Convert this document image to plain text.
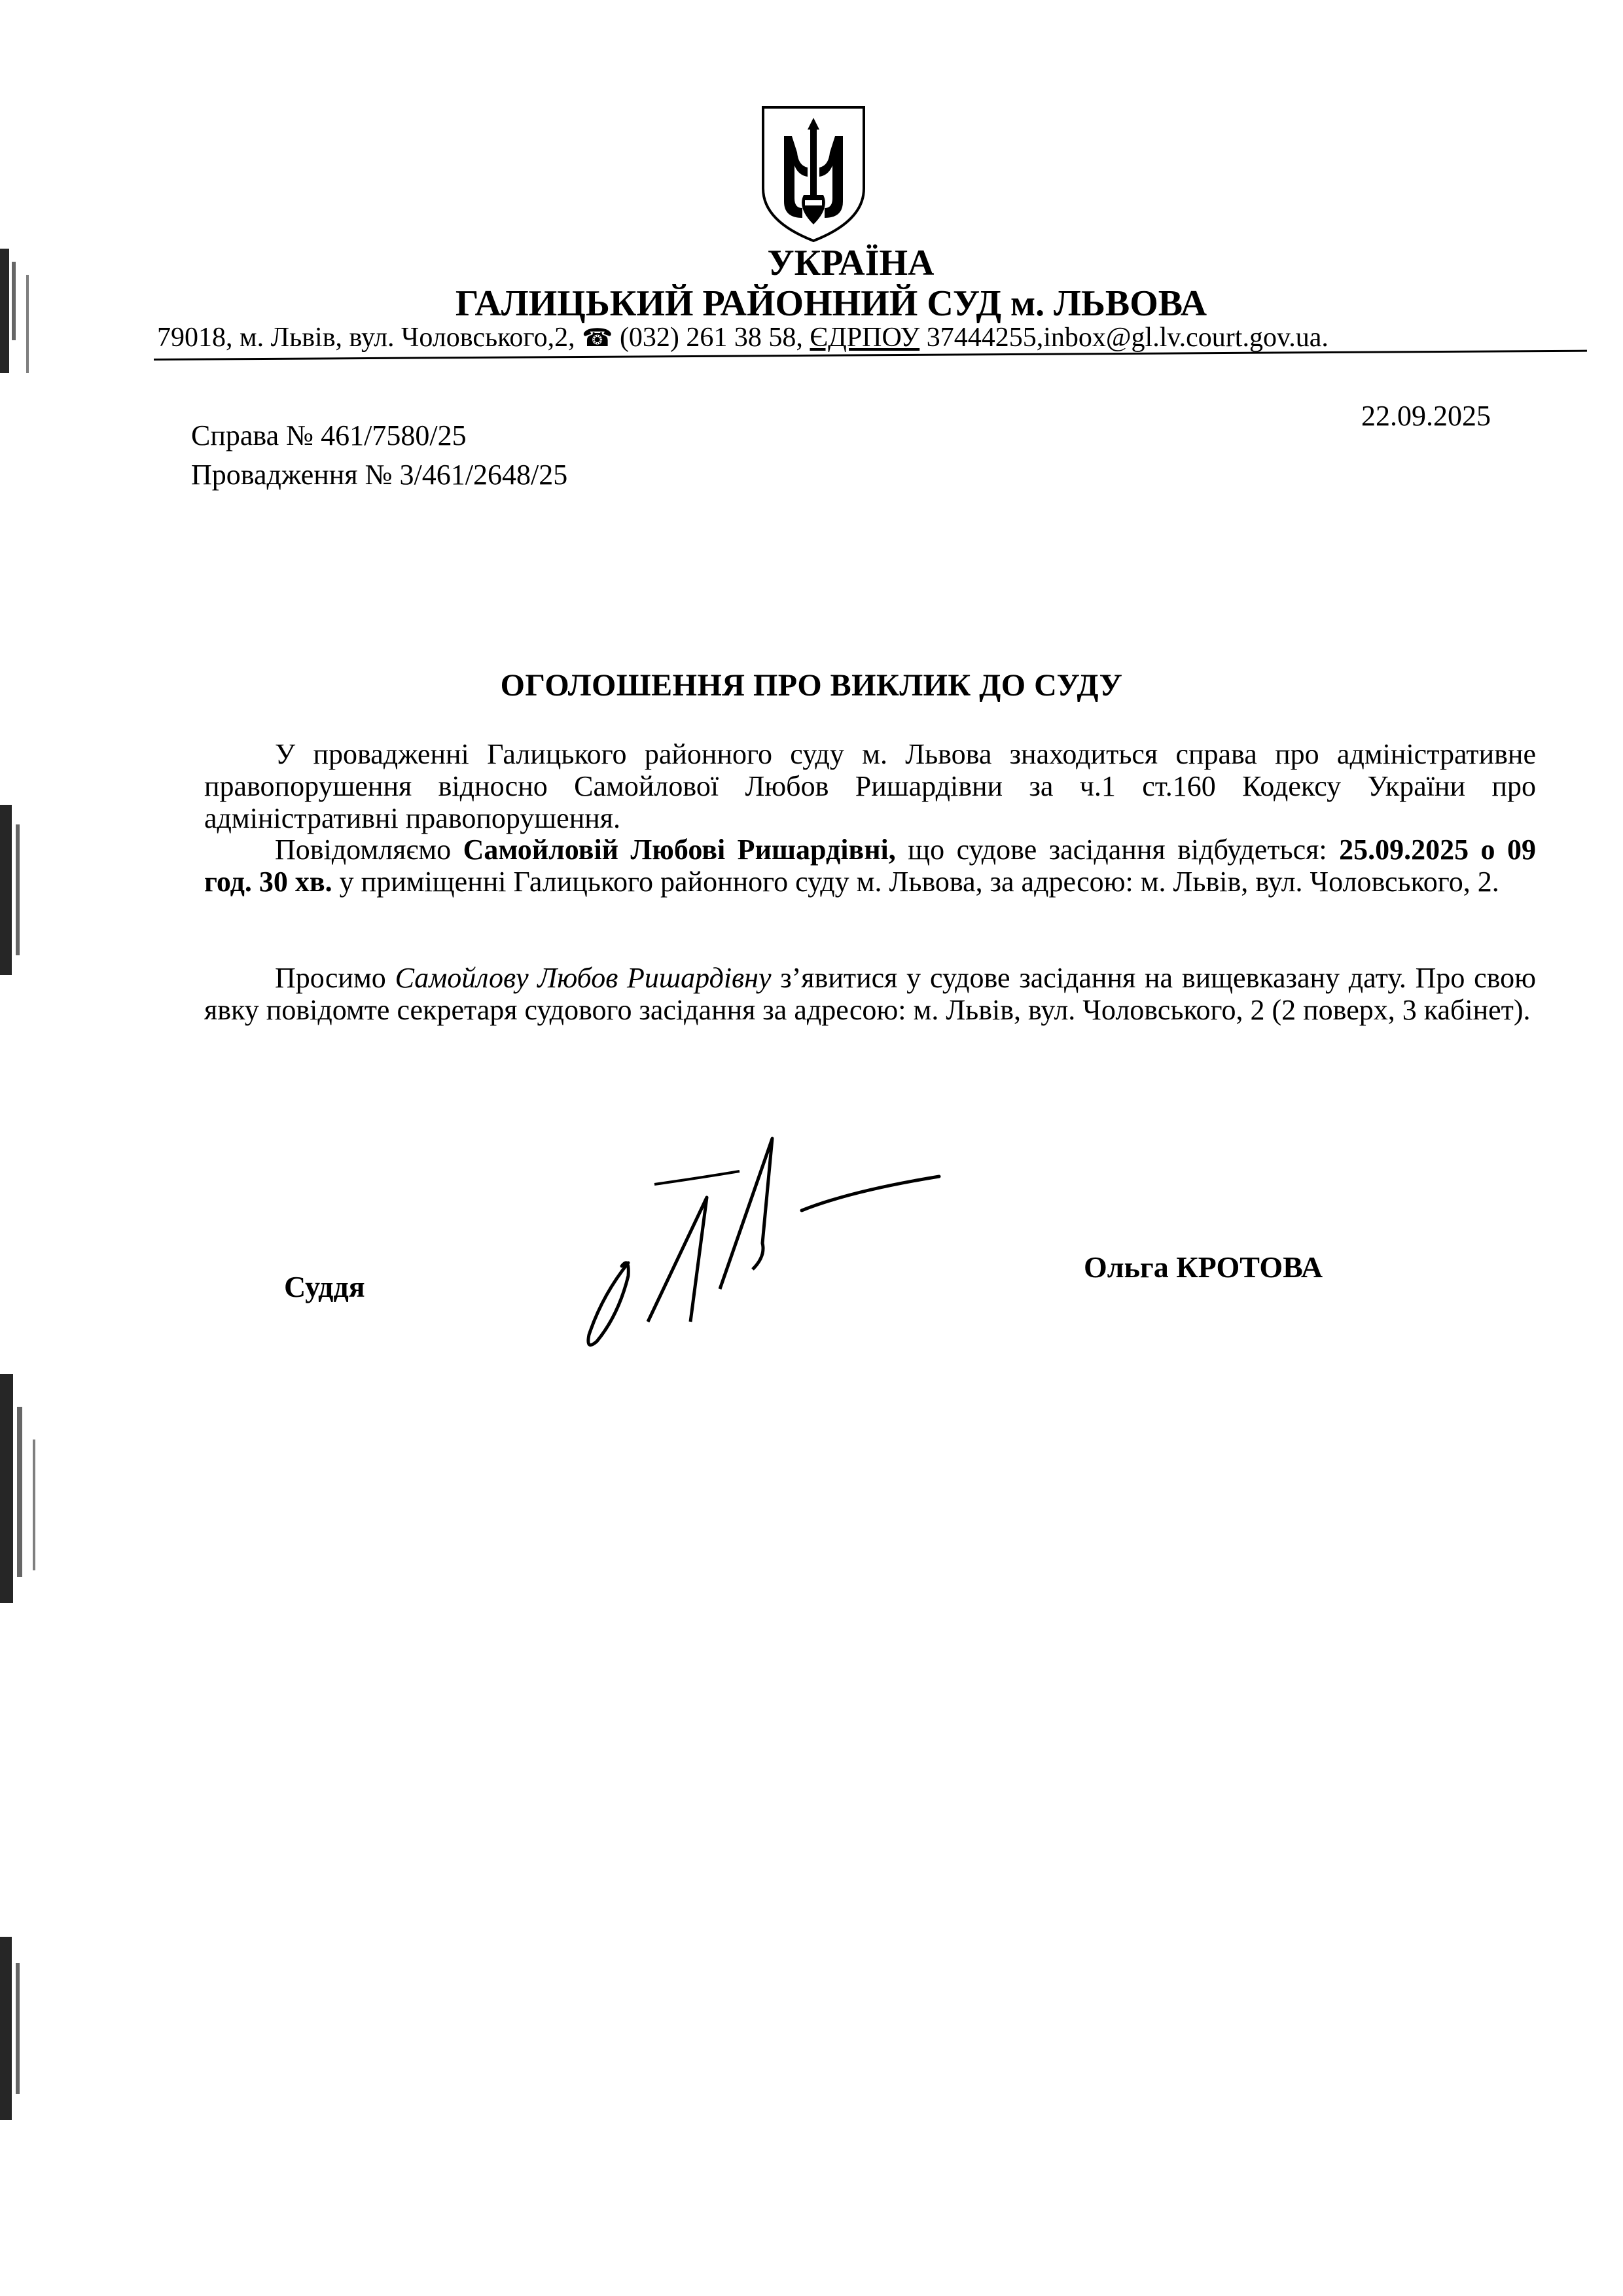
УКРАЇНА
ГАЛИЦЬКИЙ РАЙОННИЙ СУД м. ЛЬВОВА
79018, м. Львів, вул. Чоловського,2, ☎ (032) 261 38 58, ЄДРПОУ 37444255,inbox@gl.lv.court.gov.ua.
22.09.2025
Справа № 461/7580/25
Провадження № 3/461/2648/25
ОГОЛОШЕННЯ ПРО ВИКЛИК ДО СУДУ
У провадженні Галицького районного суду м. Львова знаходиться справа про адміністративне правопорушення відносно Самойлової Любов Ришардівни за ч.1 ст.160 Кодексу України про адміністративні правопорушення.
Повідомляємо Самойловій Любові Ришардівні, що судове засідання відбудеться: 25.09.2025 о 09 год. 30 хв. у приміщенні Галицького районного суду м. Львова, за адресою: м. Львів, вул. Чоловського, 2.
Просимо Самойлову Любов Ришардівну з’явитися у судове засідання на вищевказану дату. Про свою явку повідомте секретаря судового засідання за адресою: м. Львів, вул. Чоловського, 2 (2 поверх, 3 кабінет).
Суддя
Ольга КРОТОВА
